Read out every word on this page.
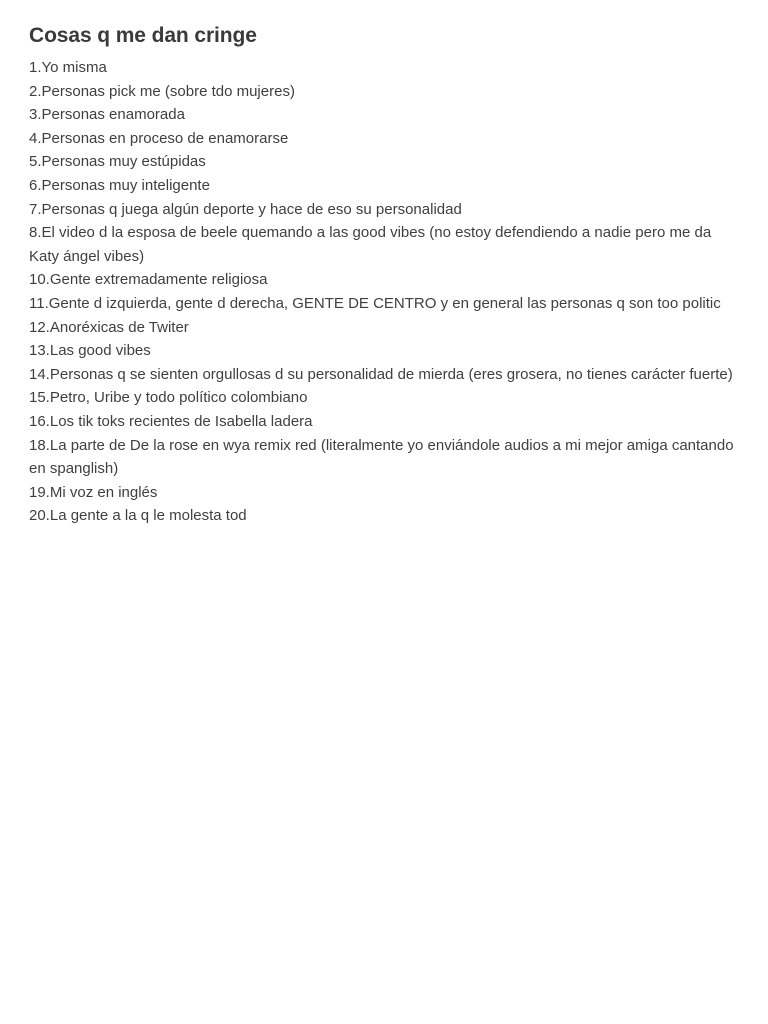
Cosas q me dan cringe
1.Yo misma
2.Personas pick me (sobre tdo mujeres)
3.Personas enamorada
4.Personas en proceso de enamorarse
5.Personas muy estúpidas
6.Personas muy inteligente
7.Personas q juega algún deporte y hace de eso su personalidad
8.El video d la esposa de beele quemando a las good vibes (no estoy defendiendo a nadie pero me da Katy ángel vibes)
10.Gente extremadamente religiosa
11.Gente d izquierda, gente d derecha, GENTE DE CENTRO y en general las personas q son too politic
12.Anoréxicas de Twiter
13.Las good vibes
14.Personas q se sienten orgullosas d su personalidad de mierda (eres grosera, no tienes carácter fuerte)
15.Petro, Uribe y todo político colombiano
16.Los tik toks recientes de Isabella ladera
18.La parte de De la rose en wya remix red (literalmente yo enviándole audios a mi mejor amiga cantando en spanglish)
19.Mi voz en inglés
20.La gente a la q le molesta tod
